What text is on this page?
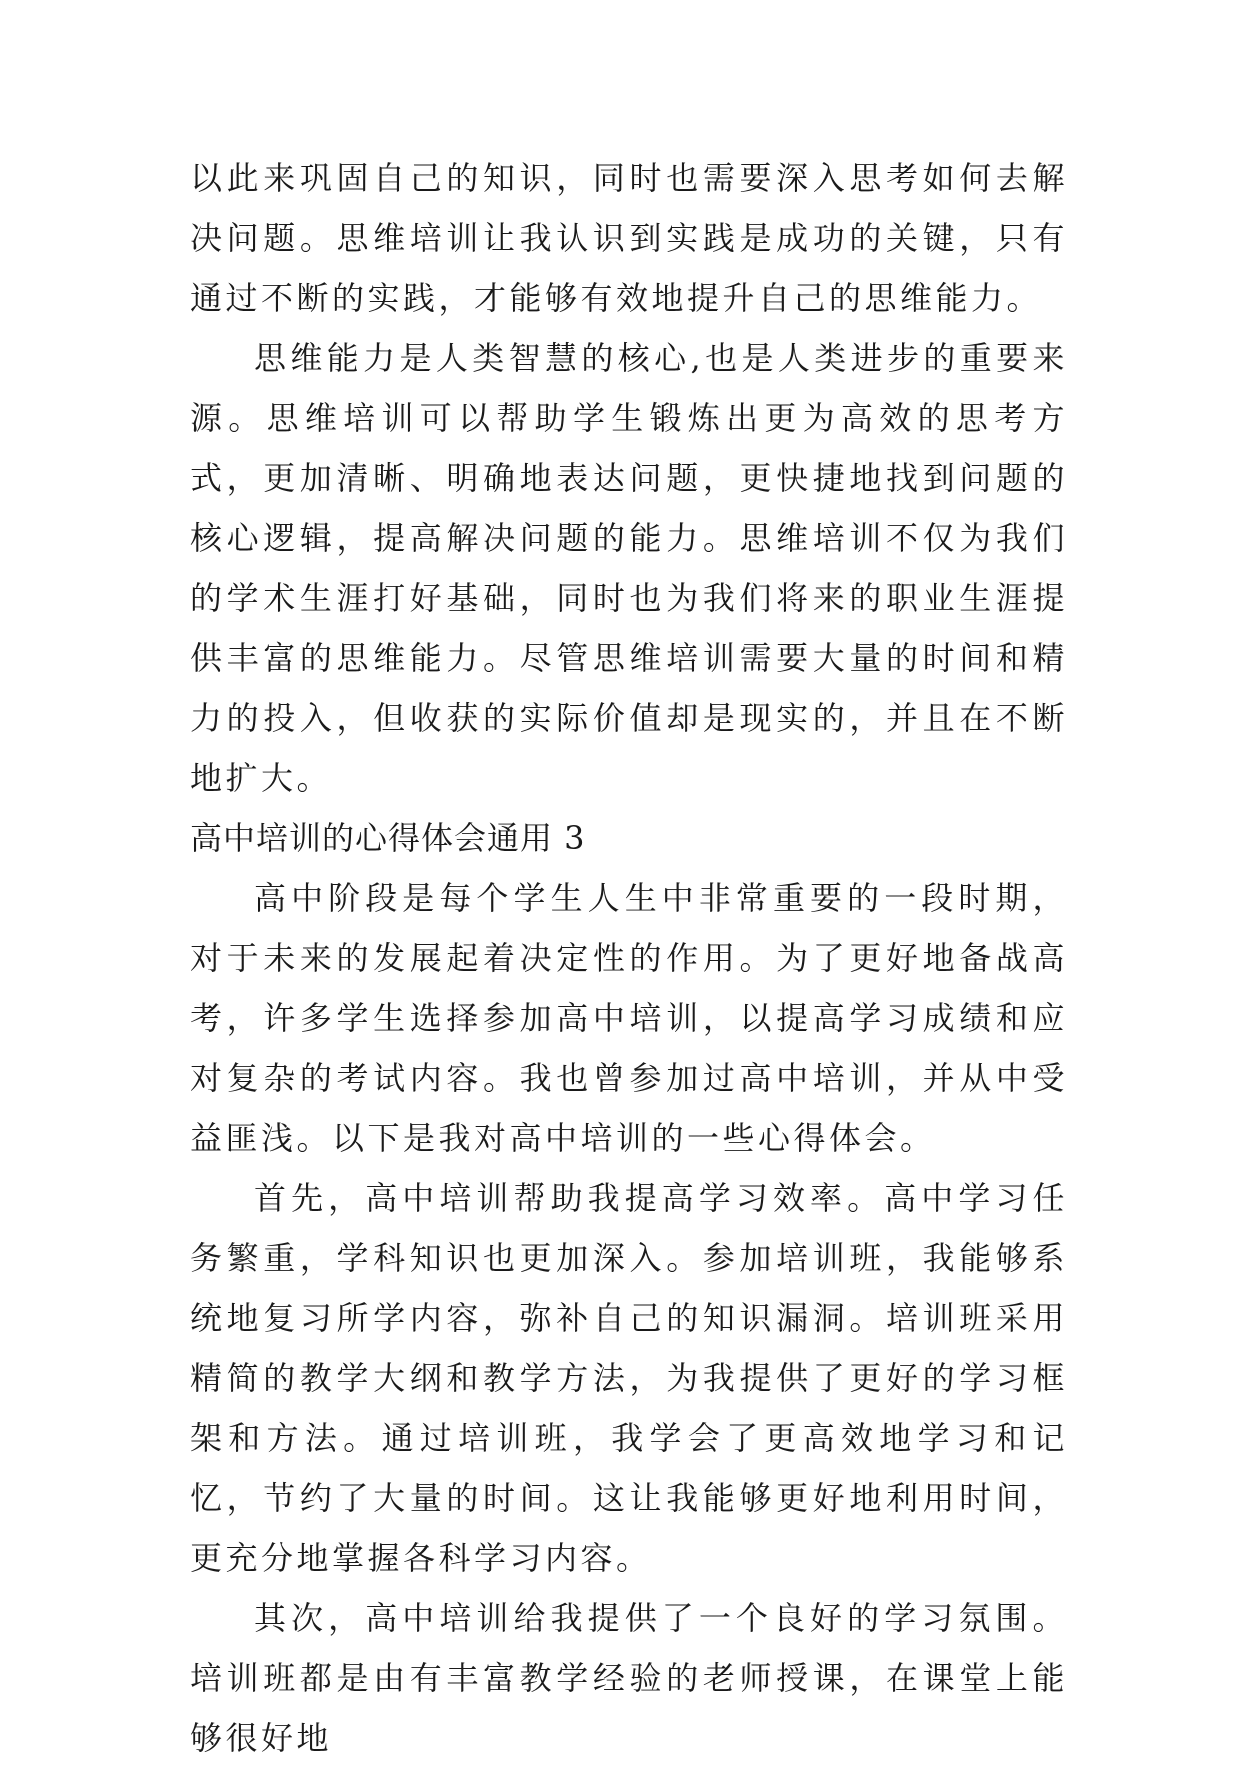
以此来巩固自己的知识，同时也需要深入思考如何去解决问题。思维培训让我认识到实践是成功的关键，只有通过不断的实践，才能够有效地提升自己的思维能力。

思维能力是人类智慧的核心,也是人类进步的重要来源。思维培训可以帮助学生锻炼出更为高效的思考方式，更加清晰、明确地表达问题，更快捷地找到问题的核心逻辑，提高解决问题的能力。思维培训不仅为我们的学术生涯打好基础，同时也为我们将来的职业生涯提供丰富的思维能力。尽管思维培训需要大量的时间和精力的投入，但收获的实际价值却是现实的，并且在不断地扩大。

高中培训的心得体会通用 3

高中阶段是每个学生人生中非常重要的一段时期，对于未来的发展起着决定性的作用。为了更好地备战高考，许多学生选择参加高中培训，以提高学习成绩和应对复杂的考试内容。我也曾参加过高中培训，并从中受益匪浅。以下是我对高中培训的一些心得体会。

首先，高中培训帮助我提高学习效率。高中学习任务繁重，学科知识也更加深入。参加培训班，我能够系统地复习所学内容，弥补自己的知识漏洞。培训班采用精简的教学大纲和教学方法，为我提供了更好的学习框架和方法。通过培训班，我学会了更高效地学习和记忆，节约了大量的时间。这让我能够更好地利用时间，更充分地掌握各科学习内容。

其次，高中培训给我提供了一个良好的学习氛围。培训班都是由有丰富教学经验的老师授课，在课堂上能够很好地
